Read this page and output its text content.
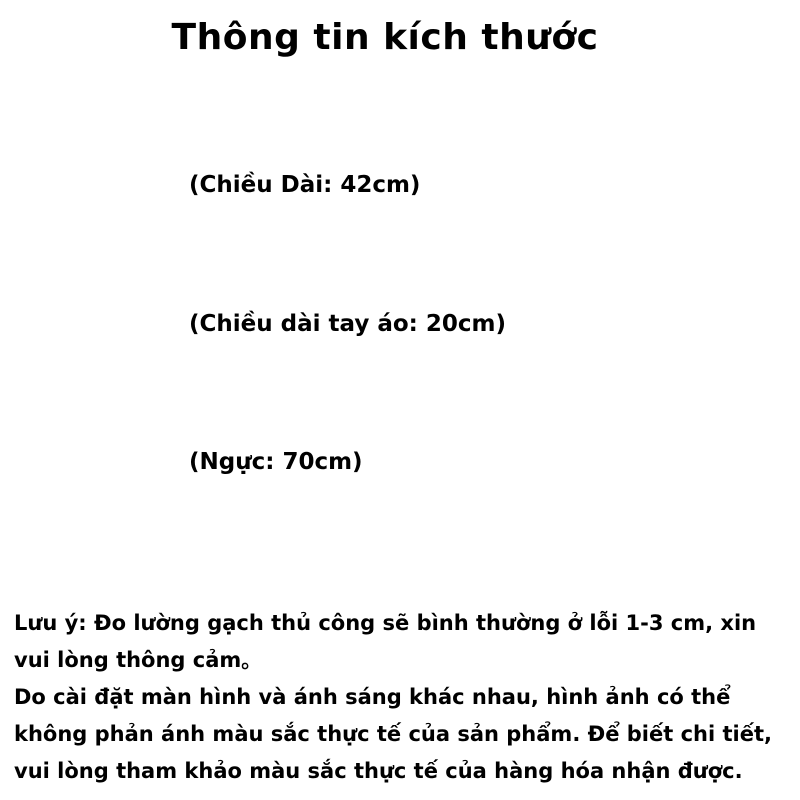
Thông tin kích thước
(Chiều Dài: 42cm)
(Chiều dài tay áo: 20cm)
(Ngực: 70cm)

Lưu ý: Đo lường gạch thủ công sẽ bình thường ở lỗi 1-3 cm, xin vui lòng thông cảm。

Do cài đặt màn hình và ánh sáng khác nhau, hình ảnh có thể không phản ánh màu sắc thực tế của sản phẩm. Để biết chi tiết, vui lòng tham khảo màu sắc thực tế của hàng hóa nhận được.
